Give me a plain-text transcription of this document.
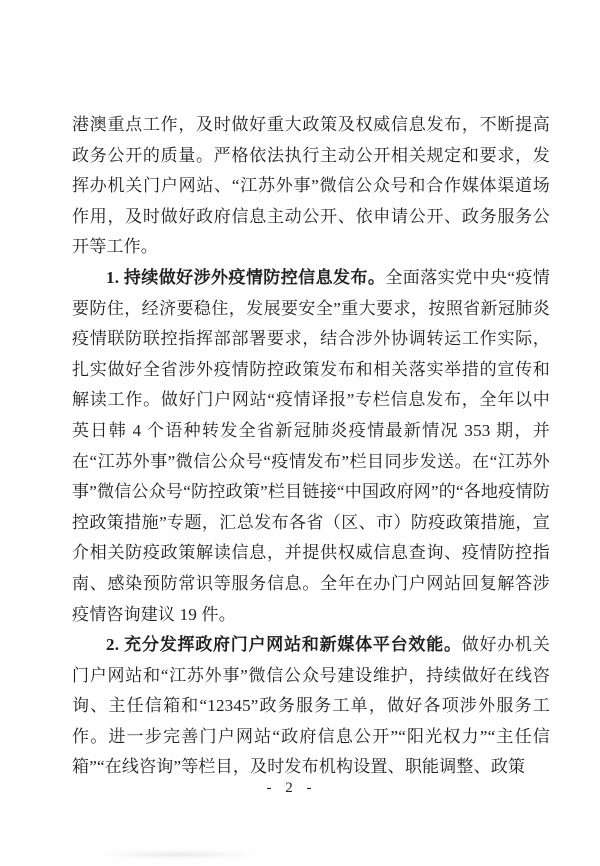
港澳重点工作，及时做好重大政策及权威信息发布，不断提高政务公开的质量。严格依法执行主动公开相关规定和要求，发挥办机关门户网站、“江苏外事”微信公众号和合作媒体渠道场作用，及时做好政府信息主动公开、依申请公开、政务服务公开等工作。

1. 持续做好涉外疫情防控信息发布。全面落实党中央“疫情要防住，经济要稳住，发展要安全”重大要求，按照省新冠肺炎疫情联防联控指挥部部署要求，结合涉外协调转运工作实际，扎实做好全省涉外疫情防控政策发布和相关落实举措的宣传和解读工作。做好门户网站“疫情译报”专栏信息发布，全年以中英日韩 4 个语种转发全省新冠肺炎疫情最新情况 353 期，并在“江苏外事”微信公众号“疫情发布”栏目同步发送。在“江苏外事”微信公众号“防控政策”栏目链接“中国政府网”的“各地疫情防控政策措施”专题，汇总发布各省（区、市）防疫政策措施，宣介相关防疫政策解读信息，并提供权威信息查询、疫情防控指南、感染预防常识等服务信息。全年在办门户网站回复解答涉疫情咨询建议 19 件。

2. 充分发挥政府门户网站和新媒体平台效能。做好办机关门户网站和“江苏外事”微信公众号建设维护，持续做好在线咨询、主任信箱和“12345”政务服务工单，做好各项涉外服务工作。进一步完善门户网站“政府信息公开”“阳光权力”“主任信箱”“在线咨询”等栏目，及时发布机构设置、职能调整、政策

- 2 -
